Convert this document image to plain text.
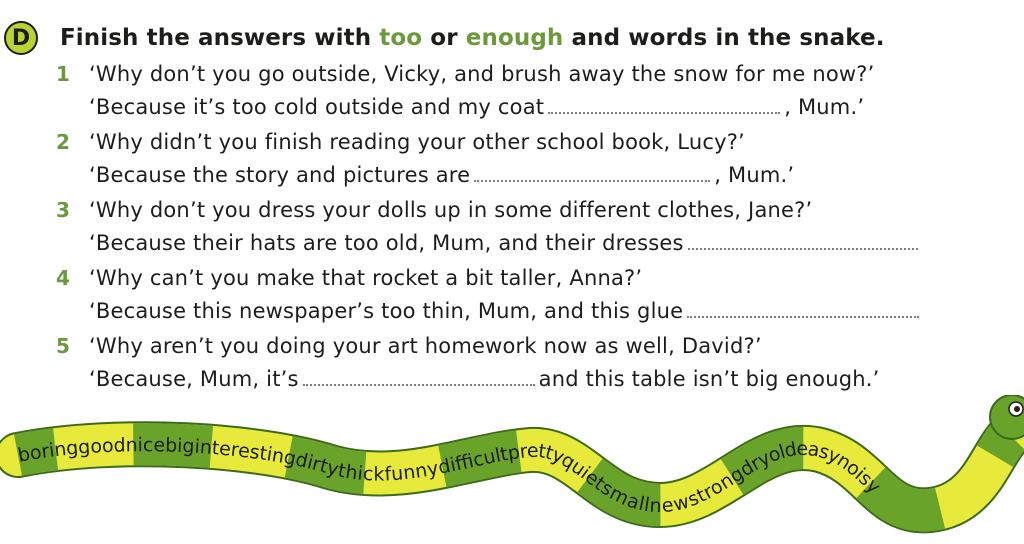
D Finish the answers with too or enough and words in the snake.
1 ‘Why don’t you go outside, Vicky, and brush away the snow for me now?’
‘Because it’s too cold outside and my coat	, Mum.’
2 ‘Why didn’t you finish reading your other school book, Lucy?’
‘Because the story and pictures are	, Mum.’
3 ‘Why don’t you dress your dolls up in some different clothes, Jane?’
‘Because their hats are too old, Mum, and their dresses
4 ‘Why can’t you make that rocket a bit taller, Anna?’
‘Because this newspaper’s too thin, Mum, and this glue
5 ‘Why aren’t you doing your art homework now as well, David?’
‘Because, Mum, it’s	and this table isn’t big enough.’
boringgoodnicebiginterestingdirtythickfunnydifficultprettyquietsmallnewstrongdryoldeasynoisy
